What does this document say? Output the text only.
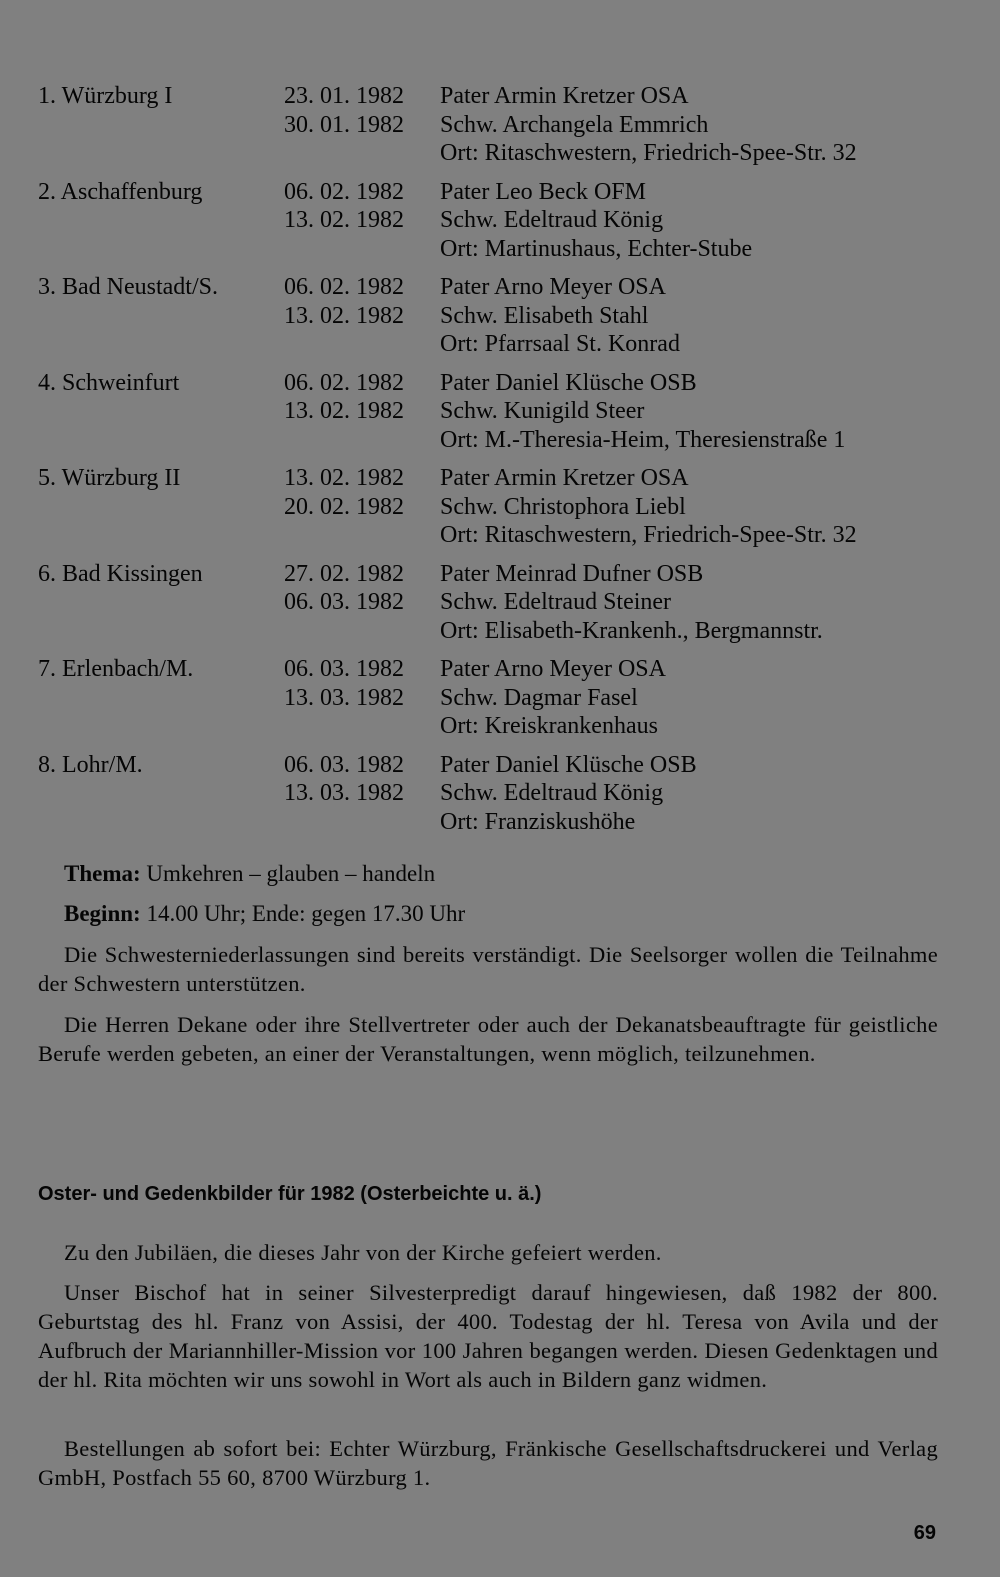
1. Würzburg I	23. 01. 1982	Pater Armin Kretzer OSA
30. 01. 1982	Schw. Archangela Emmrich
Ort: Ritaschwestern, Friedrich-Spee-Str. 32
2. Aschaffenburg	06. 02. 1982	Pater Leo Beck OFM
13. 02. 1982	Schw. Edeltraud König
Ort: Martinushaus, Echter-Stube
3. Bad Neustadt/S.	06. 02. 1982	Pater Arno Meyer OSA
13. 02. 1982	Schw. Elisabeth Stahl
Ort: Pfarrsaal St. Konrad
4. Schweinfurt	06. 02. 1982	Pater Daniel Klüsche OSB
13. 02. 1982	Schw. Kunigild Steer
Ort: M.-Theresia-Heim, Theresienstraße 1
5. Würzburg II	13. 02. 1982	Pater Armin Kretzer OSA
20. 02. 1982	Schw. Christophora Liebl
Ort: Ritaschwestern, Friedrich-Spee-Str. 32
6. Bad Kissingen	27. 02. 1982	Pater Meinrad Dufner OSB
06. 03. 1982	Schw. Edeltraud Steiner
Ort: Elisabeth-Krankenh., Bergmannstr.
7. Erlenbach/M.	06. 03. 1982	Pater Arno Meyer OSA
13. 03. 1982	Schw. Dagmar Fasel
Ort: Kreiskrankenhaus
8. Lohr/M.	06. 03. 1982	Pater Daniel Klüsche OSB
13. 03. 1982	Schw. Edeltraud König
Ort: Franziskushöhe
Thema: Umkehren – glauben – handeln
Beginn: 14.00 Uhr; Ende: gegen 17.30 Uhr

Die Schwesterniederlassungen sind bereits verständigt. Die Seelsorger wollen die Teilnahme der Schwestern unterstützen.

Die Herren Dekane oder ihre Stellvertreter oder auch der Dekanatsbeauftragte für geistliche Berufe werden gebeten, an einer der Veranstaltungen, wenn möglich, teilzunehmen.

Oster- und Gedenkbilder für 1982 (Osterbeichte u. ä.)

Zu den Jubiläen, die dieses Jahr von der Kirche gefeiert werden.

Unser Bischof hat in seiner Silvesterpredigt darauf hingewiesen, daß 1982 der 800. Geburtstag des hl. Franz von Assisi, der 400. Todestag der hl. Teresa von Avila und der Aufbruch der Mariannhiller-Mission vor 100 Jahren begangen werden. Diesen Gedenktagen und der hl. Rita möchten wir uns sowohl in Wort als auch in Bildern ganz widmen.

Bestellungen ab sofort bei: Echter Würzburg, Fränkische Gesellschaftsdruckerei und Verlag GmbH, Postfach 55 60, 8700 Würzburg 1.

69
